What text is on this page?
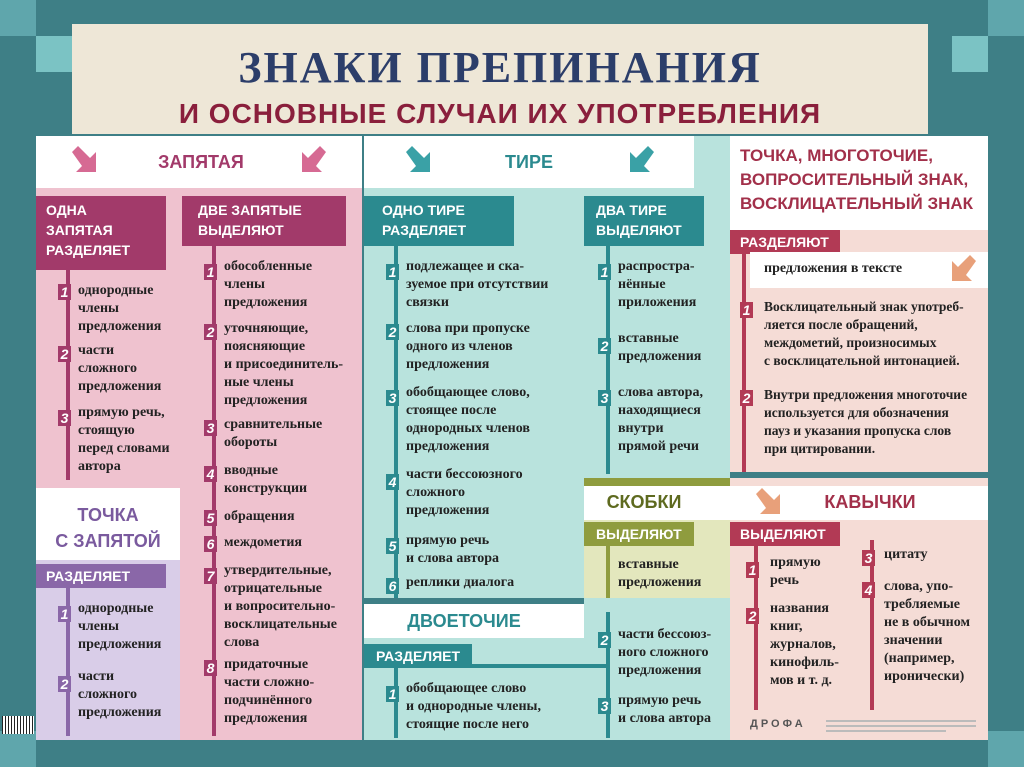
ЗНАКИ ПРЕПИНАНИЯ
И ОСНОВНЫЕ СЛУЧАИ ИХ УПОТРЕБЛЕНИЯ
ЗАПЯТАЯ
ОДНА
ЗАПЯТАЯ
РАЗДЕЛЯЕТ
ДВЕ ЗАПЯТЫЕ
ВЫДЕЛЯЮТ
1 однородные
члены
предложения
2 части
сложного
предложения
3 прямую речь,
стоящую
перед словами
автора
1 обособленные
члены
предложения
2 уточняющие,
поясняющие
и присоединитель-
ные члены
предложения
3 сравнительные
обороты
4 вводные
конструкции
5 обращения
6 междометия
7 утвердительные,
отрицательные
и вопросительно-
восклицательные
слова
8 придаточные
части сложно-
подчинённого
предложения
ТОЧКА
С ЗАПЯТОЙ
РАЗДЕЛЯЕТ
1 однородные
члены
предложения
2 части
сложного
предложения
ТИРЕ
ОДНО ТИРЕ
РАЗДЕЛЯЕТ
ДВА ТИРЕ
ВЫДЕЛЯЮТ
1 подлежащее и ска-
зуемое при отсутствии
связки
2 слова при пропуске
одного из членов
предложения
3 обобщающее слово,
стоящее после
однородных членов
предложения
4 части бессоюзного
сложного
предложения
5 прямую речь
и слова автора
6 реплики диалога
1 распростра-
нённые
приложения
2 вставные
предложения
3 слова автора,
находящиеся
внутри
прямой речи
ДВОЕТОЧИЕ
РАЗДЕЛЯЕТ
1 обобщающее слово
и однородные члены,
стоящие после него
2 части бессоюз-
ного сложного
предложения
3 прямую речь
и слова автора
СКОБКИ
ВЫДЕЛЯЮТ
вставные
предложения
ТОЧКА, МНОГОТОЧИЕ,
ВОПРОСИТЕЛЬНЫЙ ЗНАК,
ВОСКЛИЦАТЕЛЬНЫЙ ЗНАК
РАЗДЕЛЯЮТ
предложения в тексте
1 Восклицательный знак употреб-
ляется после обращений,
междометий, произносимых
с восклицательной интонацией.
2 Внутри предложения многоточие
используется для обозначения
пауз и указания пропуска слов
при цитировании.
КАВЫЧКИ
ВЫДЕЛЯЮТ
1 прямую
речь
2 названия
книг,
журналов,
кинофиль-
мов и т. д.
3 цитату
4 слова, упо-
требляемые
не в обычном
значении
(например,
иронически)
ДРОФА
